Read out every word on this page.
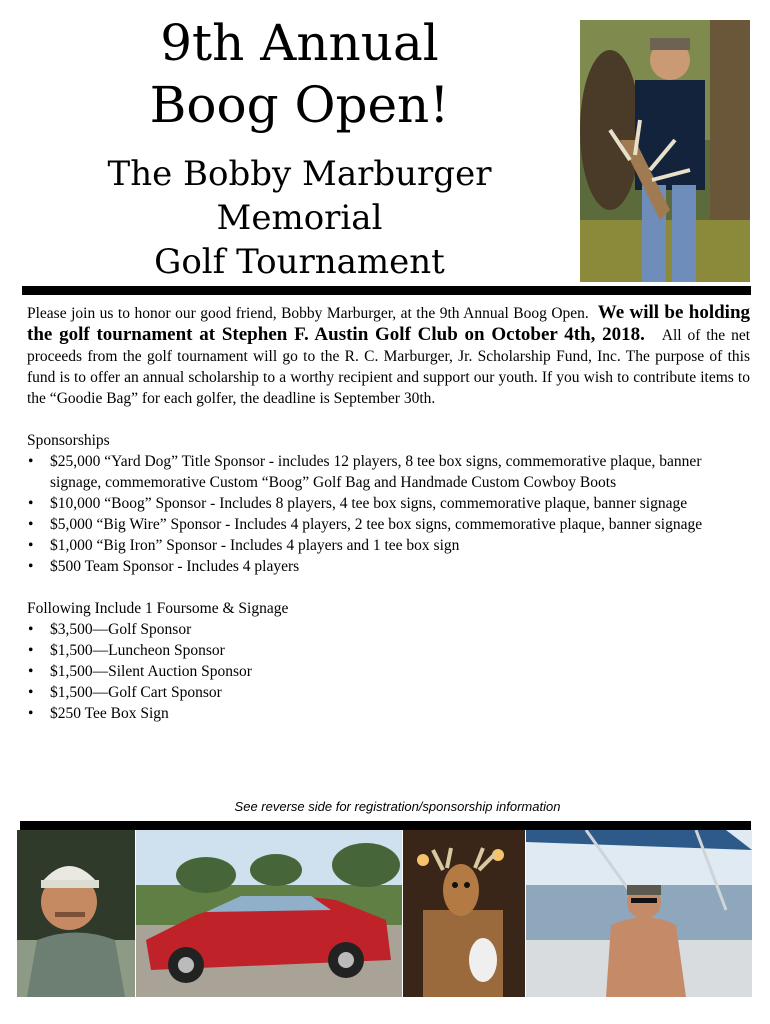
9th Annual
Boog Open!
The Bobby Marburger Memorial
Golf Tournament

Please join us to honor our good friend, Bobby Marburger, at the 9th Annual Boog Open. We will be holding the golf tournament at Stephen F. Austin Golf Club on October 4th, 2018. All of the net proceeds from the golf tournament will go to the R. C. Marburger, Jr. Scholarship Fund, Inc. The purpose of this fund is to offer an annual scholarship to a worthy recipient and support our youth. If you wish to contribute items to the “Goodie Bag” for each golfer, the deadline is September 30th.

Sponsorships

• $25,000 “Yard Dog” Title Sponsor - includes 12 players, 8 tee box signs, commemorative plaque, banner signage, commemorative Custom “Boog” Golf Bag and Handmade Custom Cowboy Boots
• $10,000 “Boog” Sponsor - Includes 8 players, 4 tee box signs, commemorative plaque, banner signage
• $5,000 “Big Wire” Sponsor - Includes 4 players, 2 tee box signs, commemorative plaque, banner signage
• $1,000 “Big Iron” Sponsor - Includes 4 players and 1 tee box sign
• $500 Team Sponsor - Includes 4 players

Following Include 1 Foursome & Signage

• $3,500—Golf Sponsor
• $1,500—Luncheon Sponsor
• $1,500—Silent Auction Sponsor
• $1,500—Golf Cart Sponsor
• $250 Tee Box Sign
See reverse side for registration/sponsorship information
